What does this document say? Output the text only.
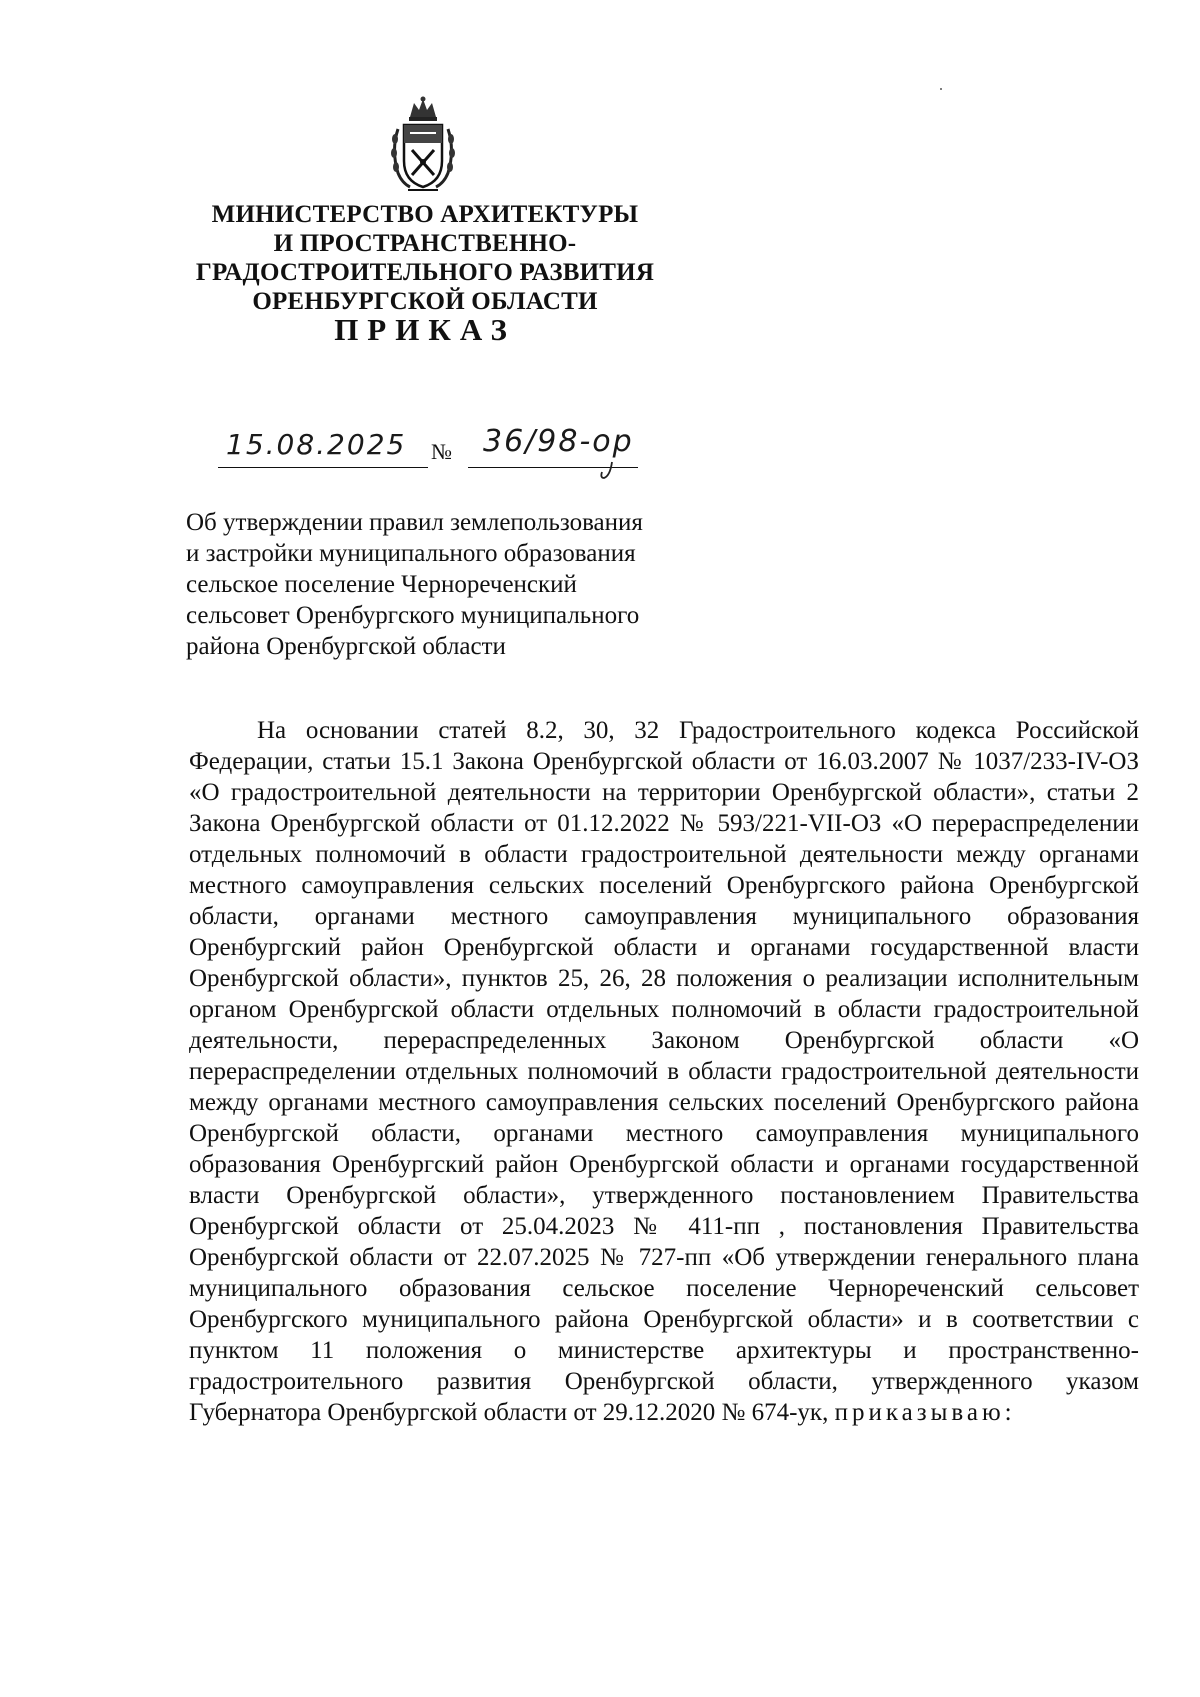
МИНИСТЕРСТВО АРХИТЕКТУРЫ
И ПРОСТРАНСТВЕННО-
ГРАДОСТРОИТЕЛЬНОГО РАЗВИТИЯ
ОРЕНБУРГСКОЙ ОБЛАСТИ
ПРИКАЗ
15.08.2025	№ 36/98-ор
Об утверждении правил землепользования
и застройки муниципального образования
сельское поселение Чернореченский
сельсовет Оренбургского муниципального
района Оренбургской области
На основании статей 8.2, 30, 32 Градостроительного кодекса Российской Федерации, статьи 15.1 Закона Оренбургской области от 16.03.2007 № 1037/233-IV-ОЗ «О градостроительной деятельности на территории Оренбургской области», статьи 2 Закона Оренбургской области от 01.12.2022 № 593/221-VII-ОЗ «О перераспределении отдельных полномочий в области градостроительной деятельности между органами местного самоуправления сельских поселений Оренбургского района Оренбургской области, органами местного самоуправления муниципального образования Оренбургский район Оренбургской области и органами государственной власти Оренбургской области», пунктов 25, 26, 28 положения о реализации исполнительным органом Оренбургской области отдельных полномочий в области градостроительной деятельности, перераспределенных Законом Оренбургской области «О перераспределении отдельных полномочий в области градостроительной деятельности между органами местного самоуправления сельских поселений Оренбургского района Оренбургской области, органами местного самоуправления муниципального образования Оренбургский район Оренбургской области и органами государственной власти Оренбургской области», утвержденного постановлением Правительства Оренбургской области от 25.04.2023 № 411-пп , постановления Правительства Оренбургской области от 22.07.2025 № 727-пп «Об утверждении генерального плана муниципального образования сельское поселение Чернореченский сельсовет Оренбургского муниципального района Оренбургской области» и в соответствии с пунктом 11 положения о министерстве архитектуры и пространственно-градостроительного развития Оренбургской области, утвержденного указом Губернатора Оренбургской области от 29.12.2020 № 674-ук, приказываю:
